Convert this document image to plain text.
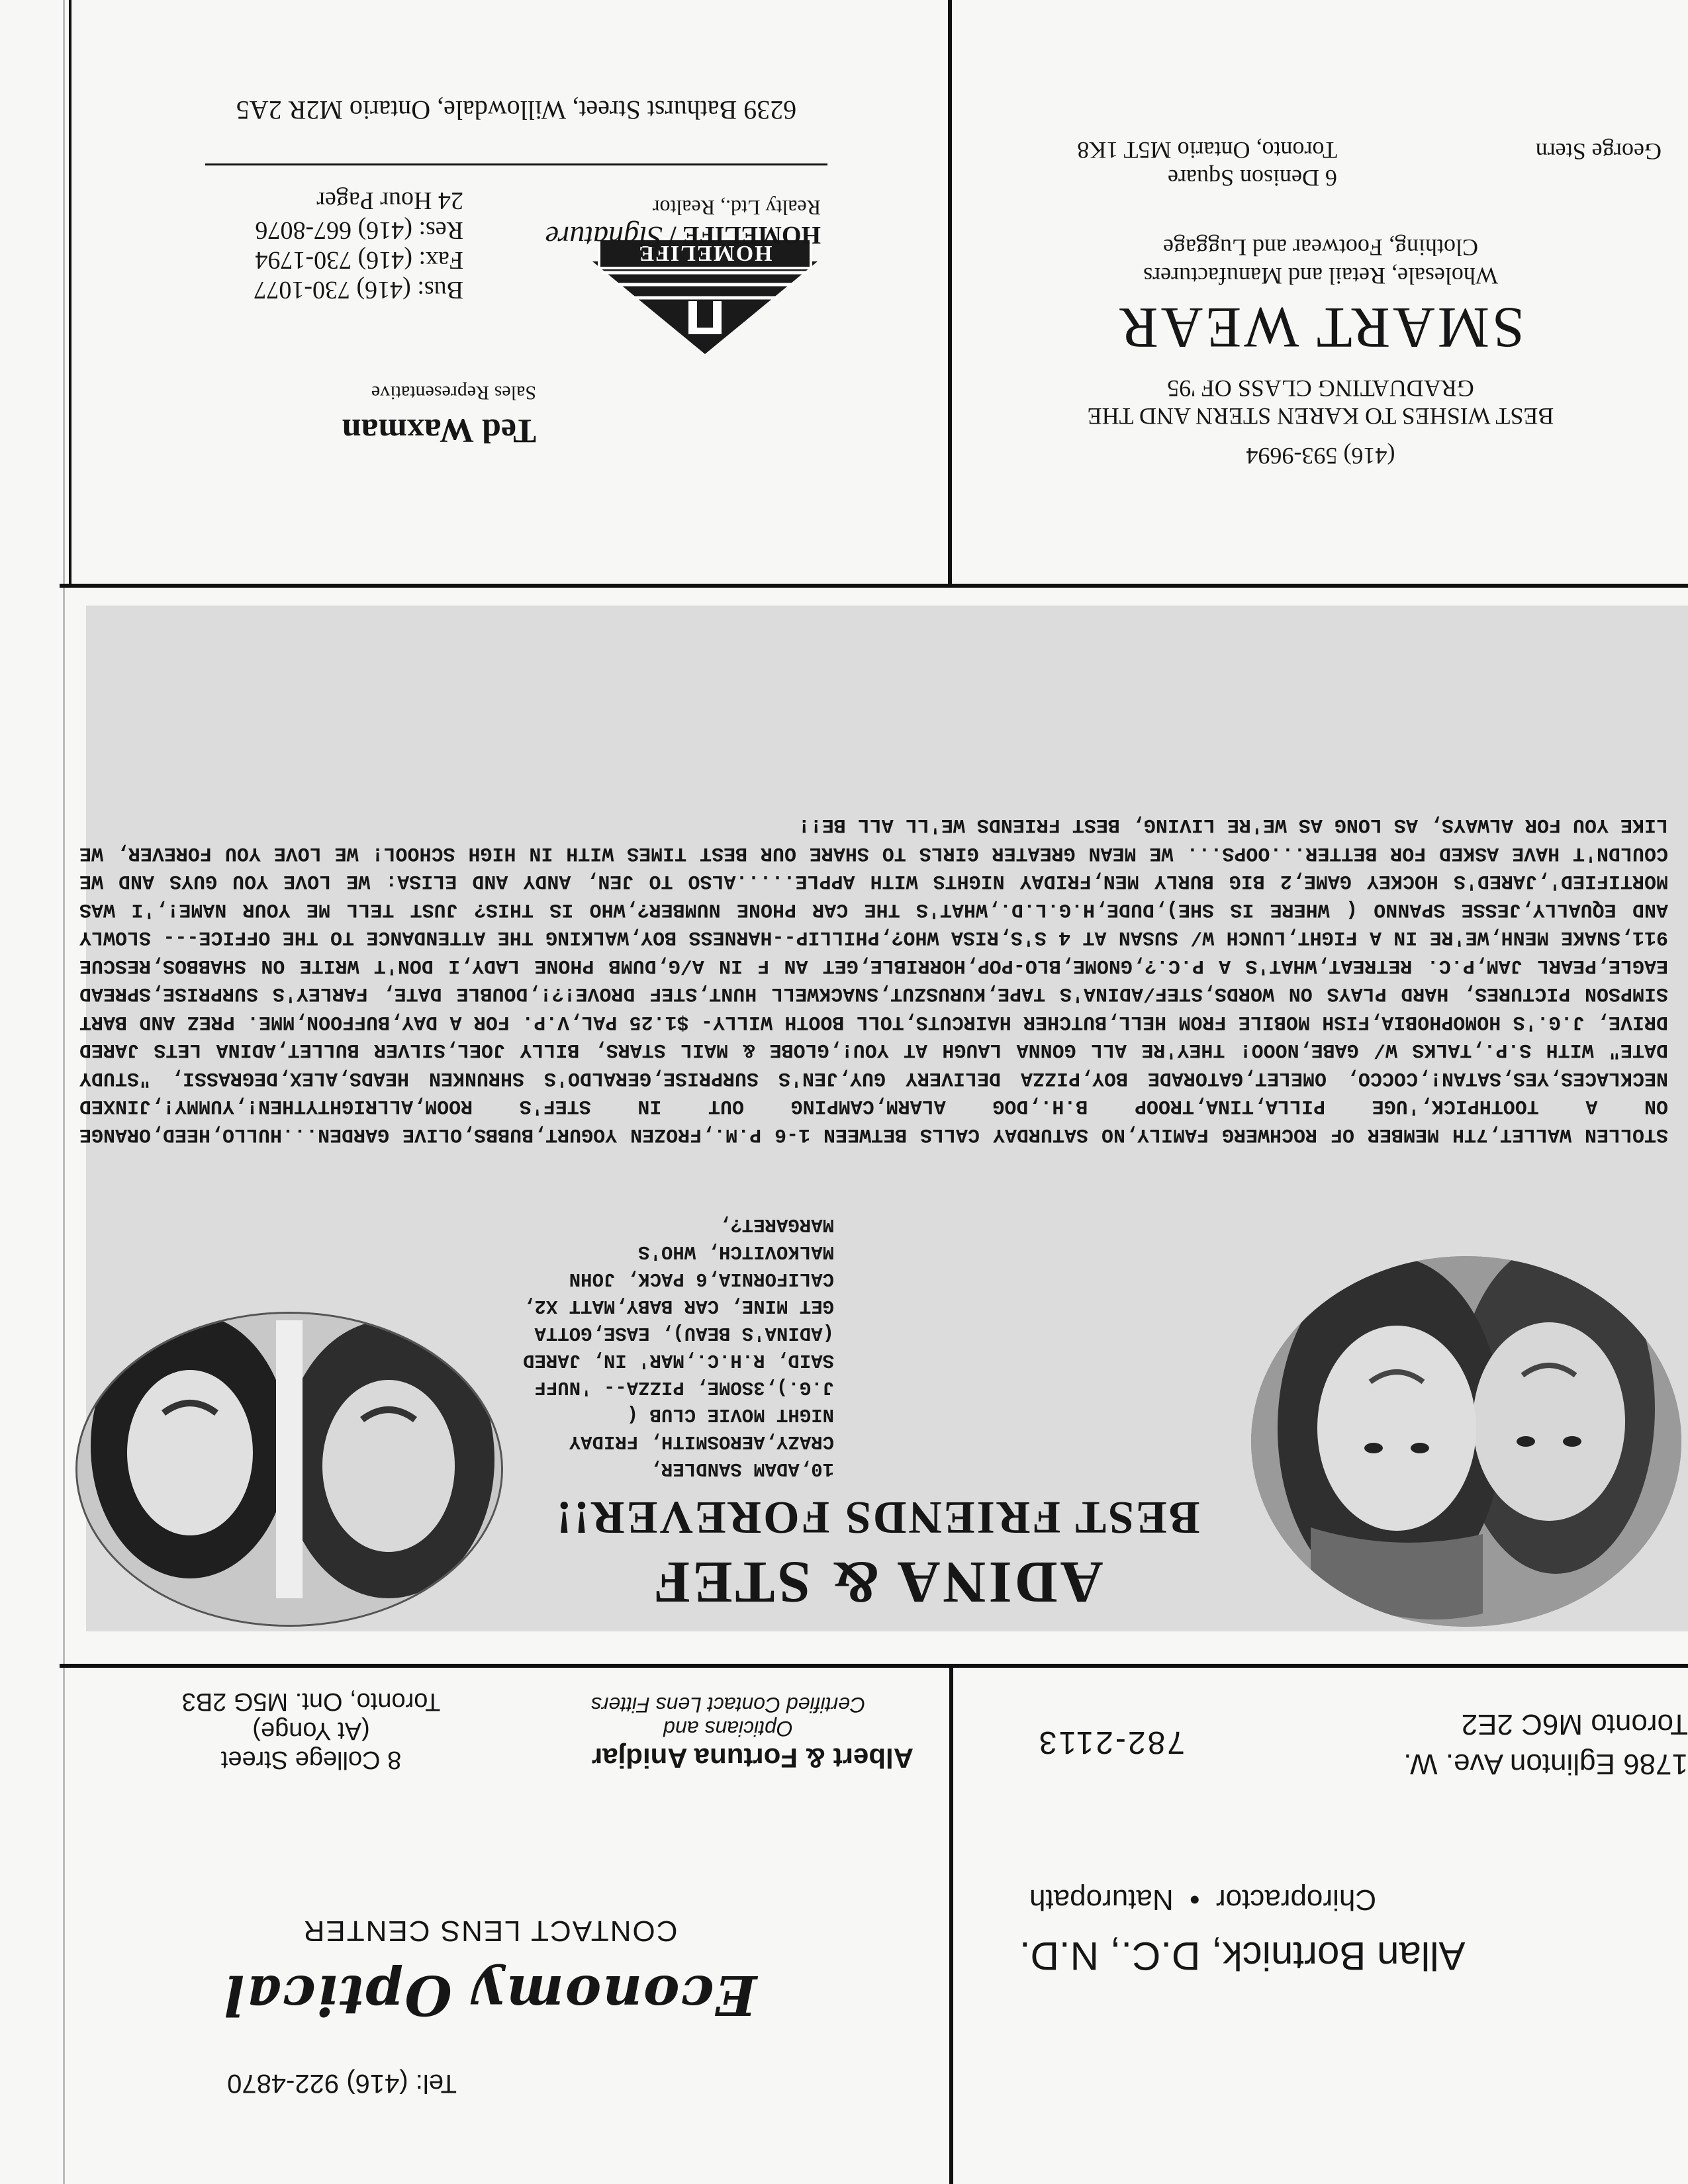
Allan Bortnick, D.C., N.D.
Chiropractor  •  Naturopath
1786 Eglinton Ave. W.
Toronto M6C 2E2
782-2113
Tel: (416) 922-4870
Economy Optical
CONTACT LENS CENTER
Albert & Fortuna Anidjar
Opticians and
Certified Contact Lens Fitters
8 College Street
(At Yonge)
Toronto, Ont. M5G 2B3
ADINA & STEF
BEST FRIENDS FOREVER!!
10,ADAM SANDLER, CRAZY,AEROSMITH, FRIDAY NIGHT MOVIE CLUB ( J.G.),3SOME, PIZZA-- 'NUFF SAID, R.H.C.,MAR' IN, JARED (ADINA'S BEAU), EASE,GOTTA GET MINE, CAR BABY,MATT X2, CALIFORNIA,6 PACK, JOHN MALKOVITCH, WHO'S MARGARET?,
STOLLEN WALLET,7TH MEMBER OF ROCHWERG FAMILY,NO SATURDAY CALLS BETWEEN 1-6 P.M.,FROZEN YOGURT,BUBBS,OLIVE GARDEN...HULLO,HEED,ORANGE ON A TOOTHPICK,'UGE PILLA,TINA,TROOP B.H.,DOG ALARM,CAMPING OUT IN STEF'S ROOM,ALLRIGHTYTHEN!,YUMMY!,JINXED NECKLACES,YES,SATAN!,COCCO, OMELET,GATORADE BOY,PIZZA DELIVERY GUY,JEN'S SURPRISE,GERALDO'S SHRUNKEN HEADS,ALEX,DEGRASSI, "STUDY DATE" WITH S.P.,TALKS W/ GABE,NOOO! THEY'RE ALL GONNA LAUGH AT YOU!,GLOBE & MAIL STARS, BILLY JOEL,SILVER BULLET,ADINA LETS JARED DRIVE, J.G.'S HOMOPHOBIA,FISH MOBILE FROM HELL,BUTCHER HAIRCUTS,TOLL BOOTH WILLY- $1.25 PAL,V.P. FOR A DAY,BUFFOON,MME. PREZ AND BART SIMPSON PICTURES, HARD PLAYS ON WORDS,STEF/ADINA'S TAPE,KURUSZUT,SNACKWELL HUNT,STEF DROVE!?!,DOUBLE DATE, FARLEY'S SURPRISE,SPREAD EAGLE,PEARL JAM,P.C. RETREAT,WHAT'S A P.C.?,GNOME,BLO-POP,HORRIBLE,GET AN F IN A/G,DUMB PHONE LADY,I DON'T WRITE ON SHABBOS,RESCUE 911,SNAKE MENH,WE'RE IN A FIGHT,LUNCH W/ SUSAN AT 4 S'S,RISA WHO?,PHILLIP--HARNESS BOY,WALKING THE ATTENDANCE TO THE OFFICE--- SLOWLY AND EQUALLY,JESSE SPANNO ( WHERE IS SHE),DUDE,H.G.L.D.,WHAT'S THE CAR PHONE NUMBER?,WHO IS THIS? JUST TELL ME YOUR NAME!,'I WAS MORTIFIED',JARED'S HOCKEY GAME,2 BIG BURLY MEN,FRIDAY NIGHTS WITH APPLE.....ALSO TO JEN, ANDY AND ELISA: WE LOVE YOU GUYS AND WE COULDN'T HAVE ASKED FOR BETTER...OOPS... WE MEAN GREATER GIRLS TO SHARE OUR BEST TIMES WITH IN HIGH SCHOOL! WE LOVE YOU FOREVER, WE LIKE YOU FOR ALWAYS, AS LONG AS WE'RE LIVING, BEST FRIENDS WE'LL ALL BE!!
(416) 593-9694
BEST WISHES TO KAREN STERN AND THE
GRADUATING CLASS OF '95
SMART WEAR
Wholesale, Retail and Manufacturers
Clothing, Footwear and Luggage
George Stern
6 Denison Square
Toronto, Ontario M5T 1K8
HOMELIFE
Ted Waxman
Sales Representative
HOMELIFE / Signature
Realty Ltd., Realtor
Bus: (416) 730-1077
Fax: (416) 730-1794
Res: (416) 667-8076
24 Hour Pager
6239 Bathurst Street, Willowdale, Ontario M2R 2A5
